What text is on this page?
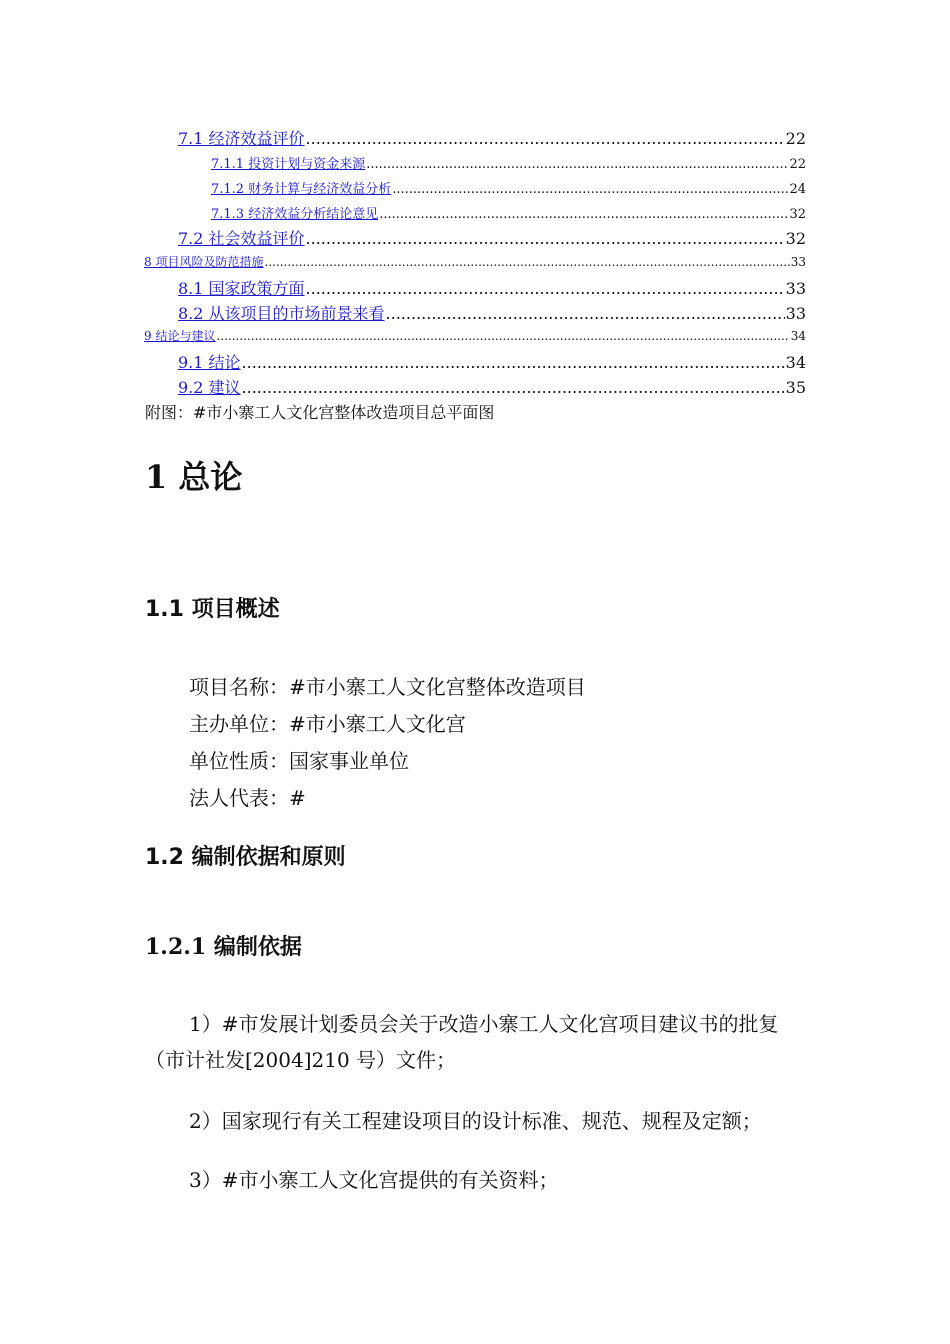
7.1 经济效益评价 .....	22
7.1.1 投资计划与资金来源 .....	22
7.1.2 财务计算与经济效益分析 .....	24
7.1.3 经济效益分析结论意见 .....	32
7.2 社会效益评价 .....	32
8 项目风险及防范措施 .....	33
8.1 国家政策方面 .....	33
8.2 从该项目的市场前景来看 .....	33
9 结论与建议 .....	34
9.1 结论 .....	34
9.2 建议 .....	35
附图：#市小寨工人文化宫整体改造项目总平面图
1 总论
1.1 项目概述
项目名称：#市小寨工人文化宫整体改造项目
主办单位：#市小寨工人文化宫
单位性质：国家事业单位
法人代表：#
1.2 编制依据和原则
1.2.1 编制依据
1）#市发展计划委员会关于改造小寨工人文化宫项目建议书的批复（市计社发[2004]210 号）文件；
2）国家现行有关工程建设项目的设计标准、规范、规程及定额；
3）#市小寨工人文化宫提供的有关资料；
